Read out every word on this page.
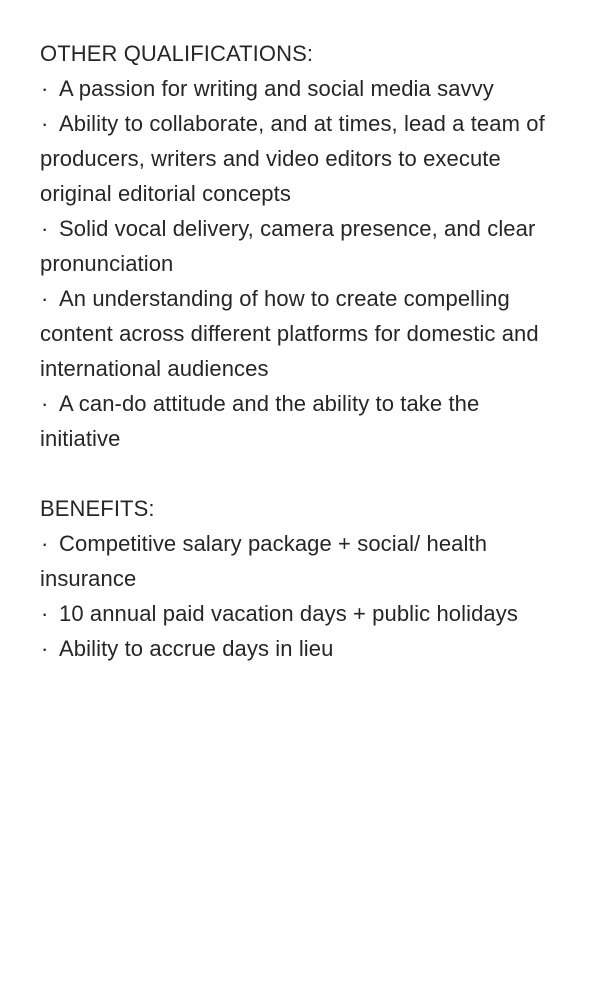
OTHER QUALIFICATIONS:
· A passion for writing and social media savvy
· Ability to collaborate, and at times, lead a team of producers, writers and video editors to execute original editorial concepts
· Solid vocal delivery, camera presence, and clear pronunciation
· An understanding of how to create compelling content across different platforms for domestic and international audiences
· A can-do attitude and the ability to take the initiative
BENEFITS:
· Competitive salary package + social/ health insurance
· 10 annual paid vacation days + public holidays
· Ability to accrue days in lieu
